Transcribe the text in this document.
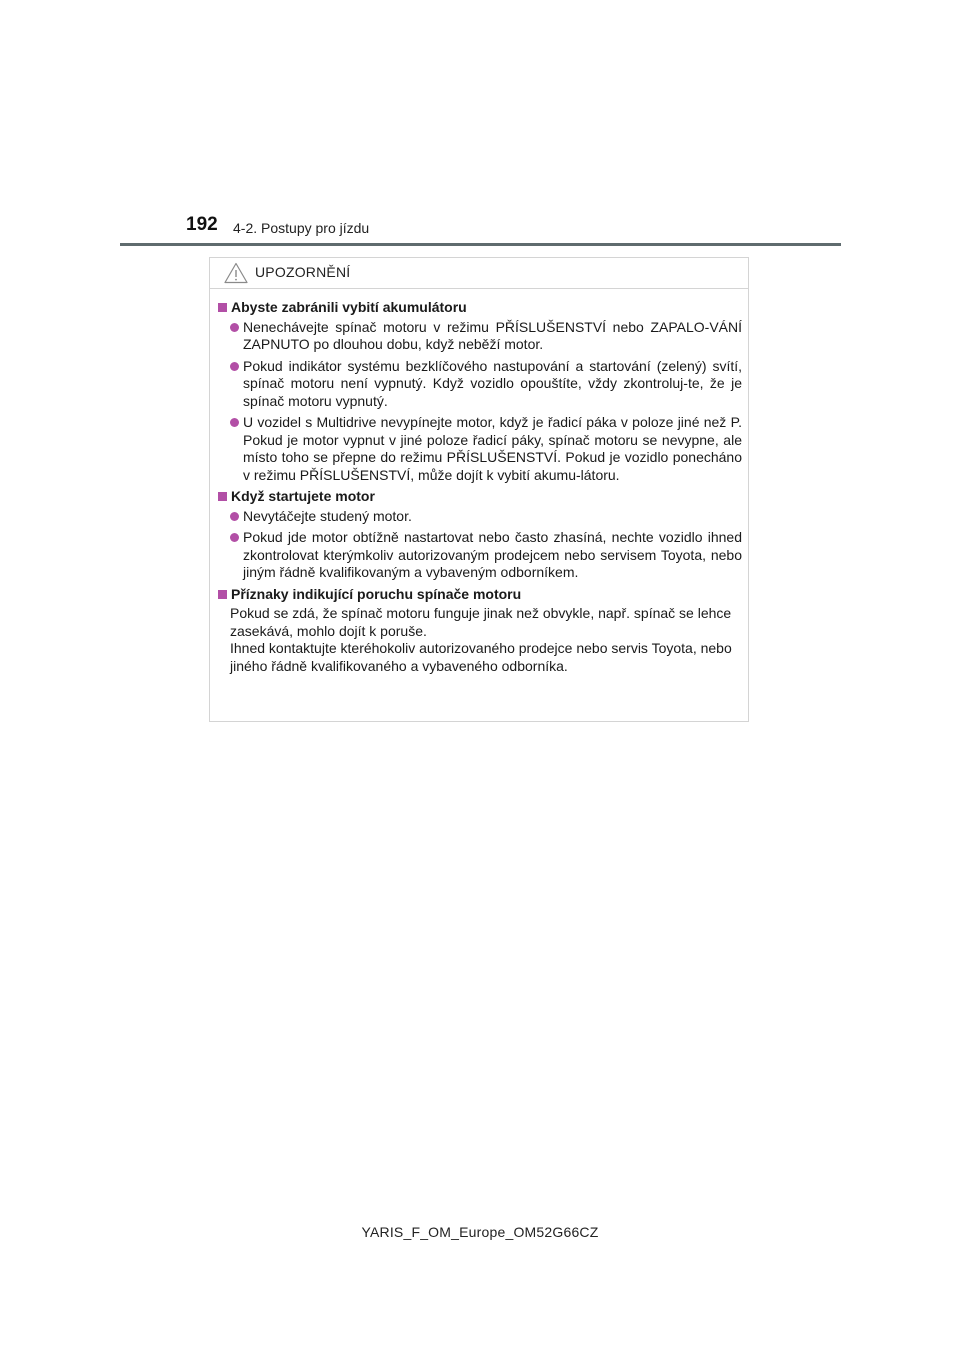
192 4-2. Postupy pro jízdu
UPOZORNĚNÍ
Abyste zabránili vybití akumulátoru
Nenechávejte spínač motoru v režimu PŘÍSLUŠENSTVÍ nebo ZAPALO-VÁNÍ ZAPNUTO po dlouhou dobu, když neběží motor.
Pokud indikátor systému bezklíčového nastupování a startování (zelený) svítí, spínač motoru není vypnutý. Když vozidlo opouštíte, vždy zkontroluj-te, že je spínač motoru vypnutý.
U vozidel s Multidrive nevypínejte motor, když je řadicí páka v poloze jiné než P. Pokud je motor vypnut v jiné poloze řadicí páky, spínač motoru se nevypne, ale místo toho se přepne do režimu PŘÍSLUŠENSTVÍ. Pokud je vozidlo ponecháno v režimu PŘÍSLUŠENSTVÍ, může dojít k vybití akumu-látoru.
Když startujete motor
Nevytáčejte studený motor.
Pokud jde motor obtížně nastartovat nebo často zhasíná, nechte vozidlo ihned zkontrolovat kterýmkoliv autorizovaným prodejcem nebo servisem Toyota, nebo jiným řádně kvalifikovaným a vybaveným odborníkem.
Příznaky indikující poruchu spínače motoru
Pokud se zdá, že spínač motoru funguje jinak než obvykle, např. spínač se lehce zasekává, mohlo dojít k poruše.
Ihned kontaktujte kteréhokoliv autorizovaného prodejce nebo servis Toyota, nebo jiného řádně kvalifikovaného a vybaveného odborníka.
YARIS_F_OM_Europe_OM52G66CZ
